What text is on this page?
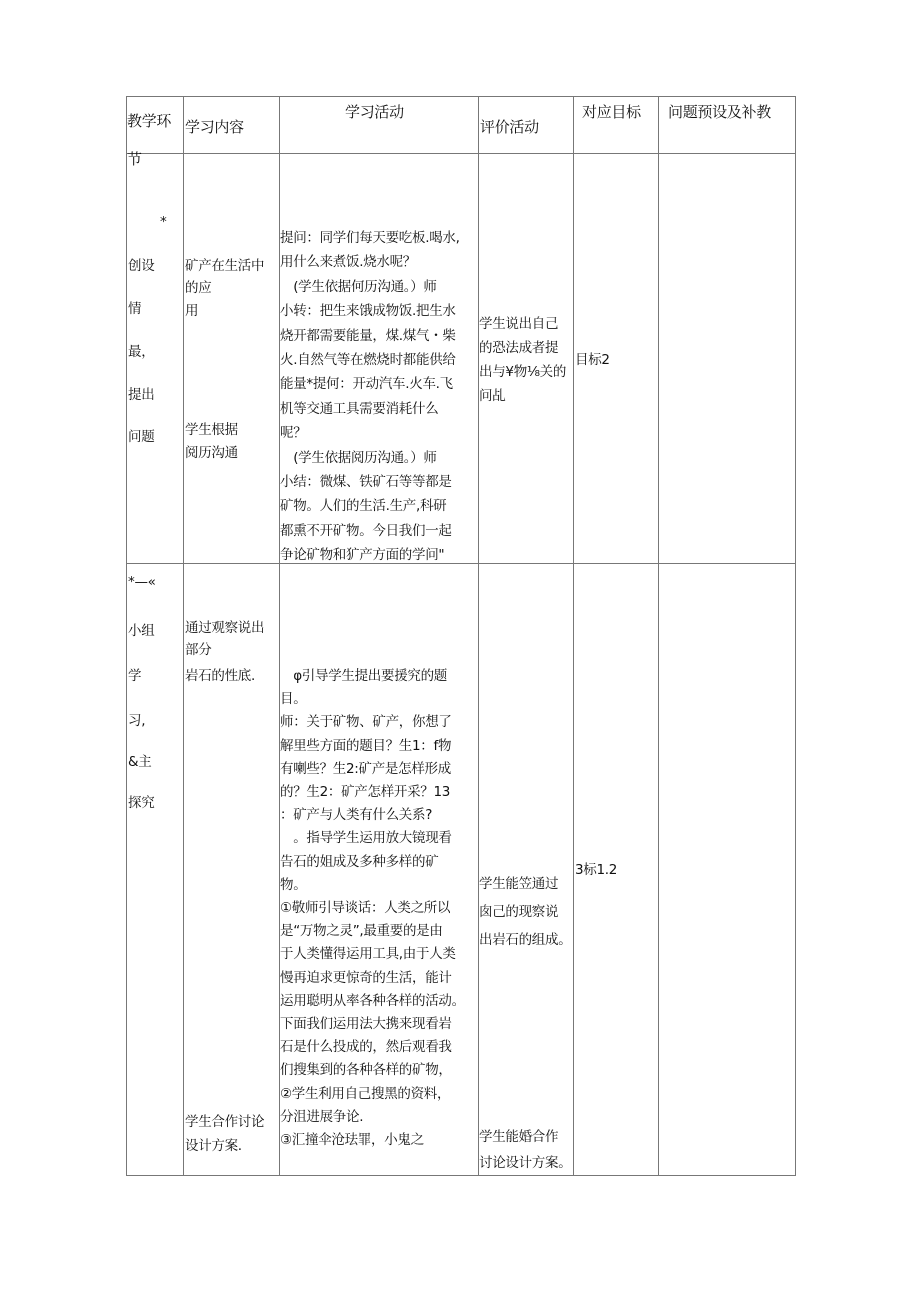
教学环节
学习内容
学习活动
评价活动
对应目标 问题预设及补教
*
创设
情
最，
提出
问题
矿产在生活中
的应
用
学生根据
阅历沟通
提问：同学们每天要吃板.喝水,
用什么来煮饭.烧水呢？
　(学生依据何历沟通。）师
小转：把生来饿成物饭.把生水
烧开都需要能量，煤.煤气・柴
火.自然气等在燃烧时都能供给
能量*提何：开动汽车.火车.飞
机等交通工具需要消耗什么
呢？
　(学生依据阅历沟通。）师
小结：微煤、铁矿石等等都是
矿物。人们的生活.生产,科研
都熏不开矿物。今日我们一起
争论矿物和犷产方面的学问"
学生说出自己
的恐法成者提
出与¥物⅛关的
问乩
目标2
*—«
小组
学
习,
&主
探究
通过观察说出
部分
岩石的性底.
学生合作讨论
设计方案.
　φ引导学生提出要援究的题
目。
师：关于矿物、矿产，你想了
解里些方面的题目？生1：f物
有喇些？生2:矿产是怎样形成
的？生2：矿产怎样开采？13
：矿产与人类有什么关系?
　。指导学生运用放大镜现看
告石的姐成及多种多样的矿
物。
①敬师引导谈话：人类之所以
是“万物之灵”,最重要的是由
于人类懂得运用工具,由于人类
慢再迫求更惊奇的生活，能计
运用聪明从率各种各样的活动。
下面我们运用法大携来现看岩
石是什么投成的，然后观看我
们搜集到的各种各样的矿物，
②学生利用自己搜黑的资料，
分沮进展争论.
③汇撞伞沧珐罪，小鬼之
学生能笠通过
囱己的现察说
出岩石的组成。
学生能婚合作
讨论设计方案。
3标1.2
